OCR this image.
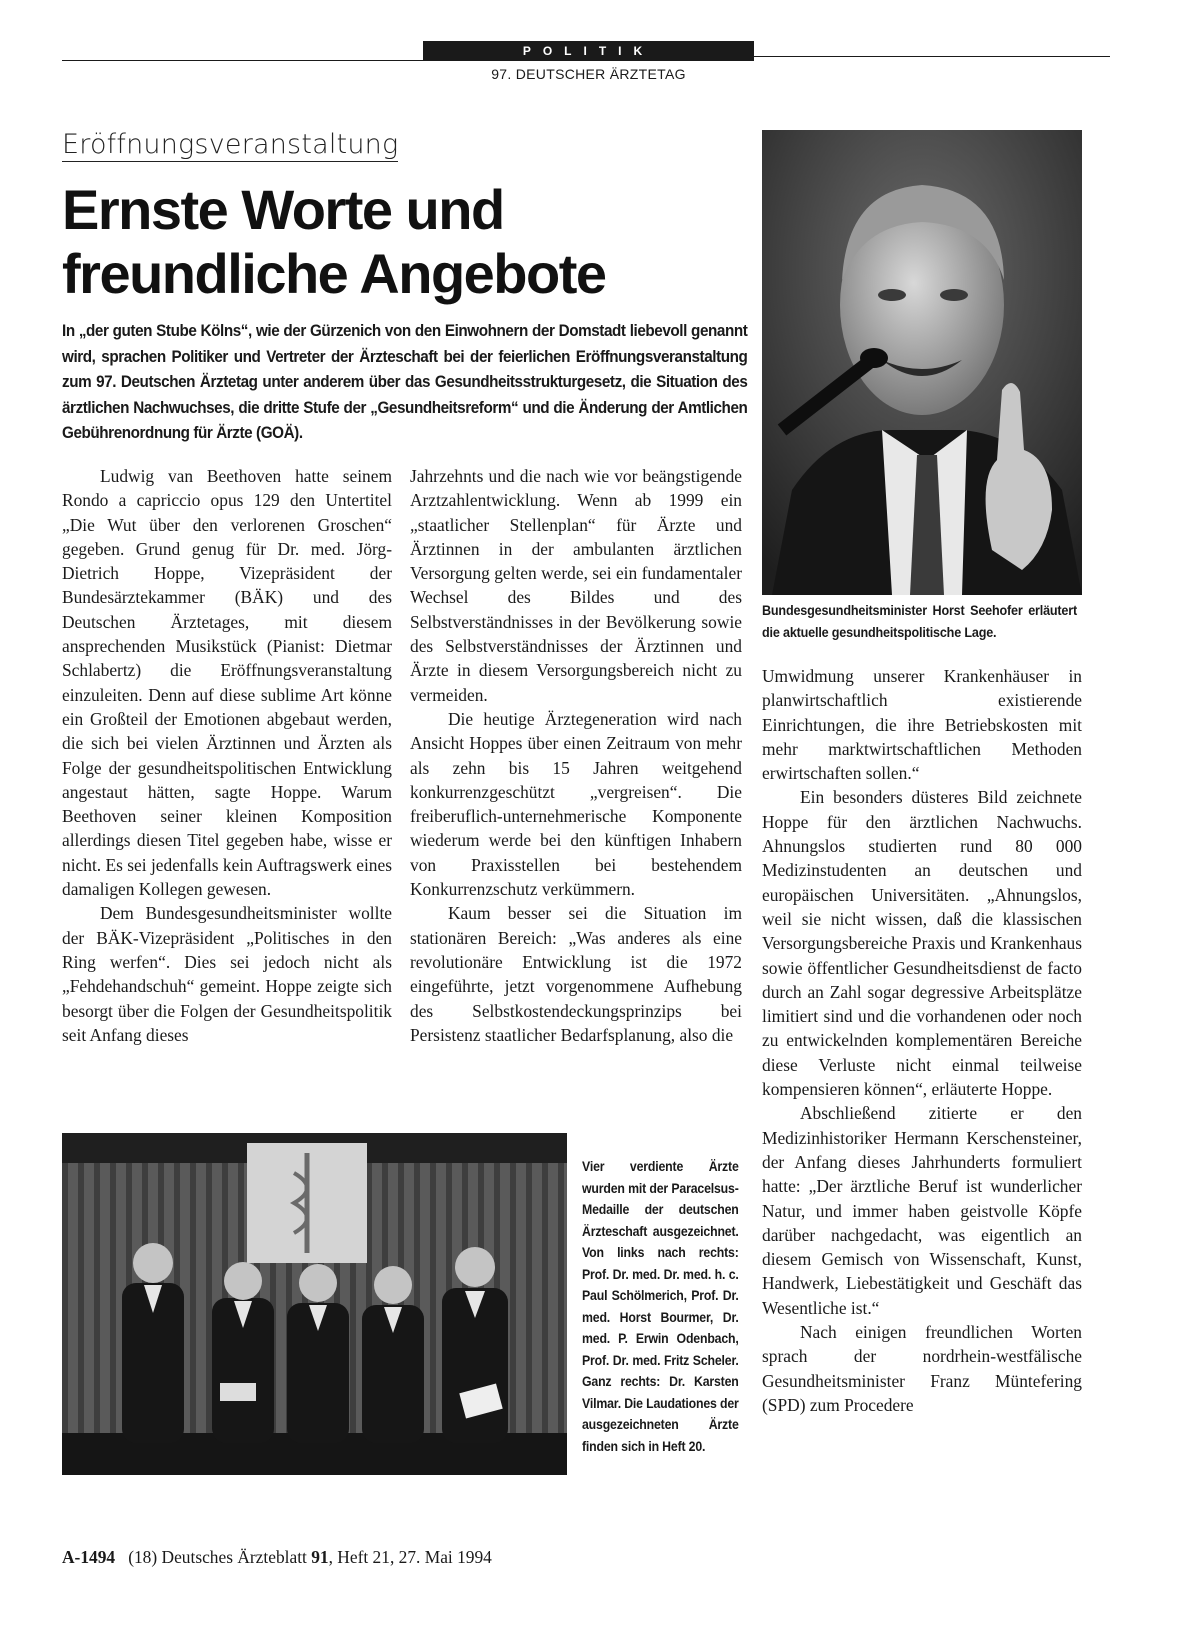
POLITIK
97. DEUTSCHER ÄRZTETAG
Eröffnungsveranstaltung
Ernste Worte und
freundliche Angebote
In „der guten Stube Kölns“, wie der Gürzenich von den Einwohnern der Domstadt liebevoll genannt wird, sprachen Politiker und Vertreter der Ärzteschaft bei der feierlichen Eröffnungsveranstaltung zum 97. Deutschen Ärztetag unter anderem über das Gesundheitsstrukturgesetz, die Situation des ärztlichen Nachwuchses, die dritte Stufe der „Gesundheitsreform“ und die Änderung der Amtlichen Gebührenordnung für Ärzte (GOÄ).
Bundesgesundheitsminister Horst Seehofer erläutert die aktuelle gesundheitspolitische Lage.

Ludwig van Beethoven hatte seinem Rondo a capriccio opus 129 den Untertitel „Die Wut über den verlorenen Groschen“ gegeben. Grund genug für Dr. med. Jörg-Dietrich Hoppe, Vizepräsident der Bundesärztekammer (BÄK) und des Deutschen Ärztetages, mit diesem ansprechenden Musikstück (Pianist: Dietmar Schlabertz) die Eröffnungsveranstaltung einzuleiten. Denn auf diese sublime Art könne ein Großteil der Emotionen abgebaut werden, die sich bei vielen Ärztinnen und Ärzten als Folge der gesundheitspolitischen Entwicklung angestaut hätten, sagte Hoppe. Warum Beethoven seiner kleinen Komposition allerdings diesen Titel gegeben habe, wisse er nicht. Es sei jedenfalls kein Auftragswerk eines damaligen Kollegen gewesen.

Dem Bundesgesundheitsminister wollte der BÄK-Vizepräsident „Politisches in den Ring werfen“. Dies sei jedoch nicht als „Fehdehandschuh“ gemeint. Hoppe zeigte sich besorgt über die Folgen der Gesundheitspolitik seit Anfang dieses

Jahrzehnts und die nach wie vor beängstigende Arztzahlentwicklung. Wenn ab 1999 ein „staatlicher Stellenplan“ für Ärzte und Ärztinnen in der ambulanten ärztlichen Versorgung gelten werde, sei ein fundamentaler Wechsel des Bildes und des Selbstverständnisses in der Bevölkerung sowie des Selbstverständnisses der Ärztinnen und Ärzte in diesem Versorgungsbereich nicht zu vermeiden.

Die heutige Ärztegeneration wird nach Ansicht Hoppes über einen Zeitraum von mehr als zehn bis 15 Jahren weitgehend konkurrenzgeschützt „vergreisen“. Die freiberuflich-unternehmerische Komponente wiederum werde bei den künftigen Inhabern von Praxisstellen bei bestehendem Konkurrenzschutz verkümmern.

Kaum besser sei die Situation im stationären Bereich: „Was anderes als eine revolutionäre Entwicklung ist die 1972 eingeführte, jetzt vorgenommene Aufhebung des Selbstkostendeckungsprinzips bei Persistenz staatlicher Bedarfsplanung, also die

Umwidmung unserer Krankenhäuser in planwirtschaftlich existierende Einrichtungen, die ihre Betriebskosten mit mehr marktwirtschaftlichen Methoden erwirtschaften sollen.“

Ein besonders düsteres Bild zeichnete Hoppe für den ärztlichen Nachwuchs. Ahnungslos studierten rund 80 000 Medizinstudenten an deutschen und europäischen Universitäten. „Ahnungslos, weil sie nicht wissen, daß die klassischen Versorgungsbereiche Praxis und Krankenhaus sowie öffentlicher Gesundheitsdienst de facto durch an Zahl sogar degressive Arbeitsplätze limitiert sind und die vorhandenen oder noch zu entwickelnden komplementären Bereiche diese Verluste nicht einmal teilweise kompensieren können“, erläuterte Hoppe.

Abschließend zitierte er den Medizinhistoriker Hermann Kerschensteiner, der Anfang dieses Jahrhunderts formuliert hatte: „Der ärztliche Beruf ist wunderlicher Natur, und immer haben geistvolle Köpfe darüber nachgedacht, was eigentlich an diesem Gemisch von Wissenschaft, Kunst, Handwerk, Liebestätigkeit und Geschäft das Wesentliche ist.“

Nach einigen freundlichen Worten sprach der nordrhein-westfälische Gesundheitsminister Franz Müntefering (SPD) zum Procedere

Vier verdiente Ärzte wurden mit der Paracelsus-Medaille der deutschen Ärzteschaft ausgezeichnet. Von links nach rechts: Prof. Dr. med. Dr. med. h. c. Paul Schölmerich, Prof. Dr. med. Horst Bourmer, Dr. med. P. Erwin Odenbach, Prof. Dr. med. Fritz Scheler. Ganz rechts: Dr. Karsten Vilmar. Die Laudationes der ausgezeichneten Ärzte finden sich in Heft 20.
A-1494 (18) Deutsches Ärzteblatt 91, Heft 21, 27. Mai 1994
